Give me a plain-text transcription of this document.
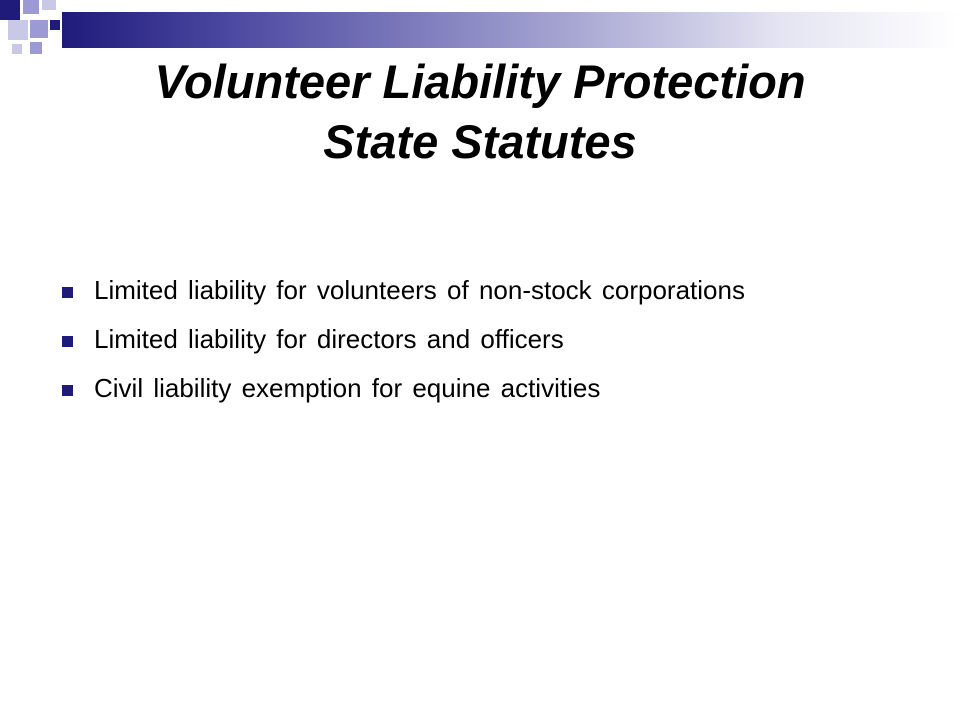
Volunteer Liability Protection
State Statutes
Limited liability for volunteers of non-stock corporations
Limited liability for directors and officers
Civil liability exemption for equine activities
